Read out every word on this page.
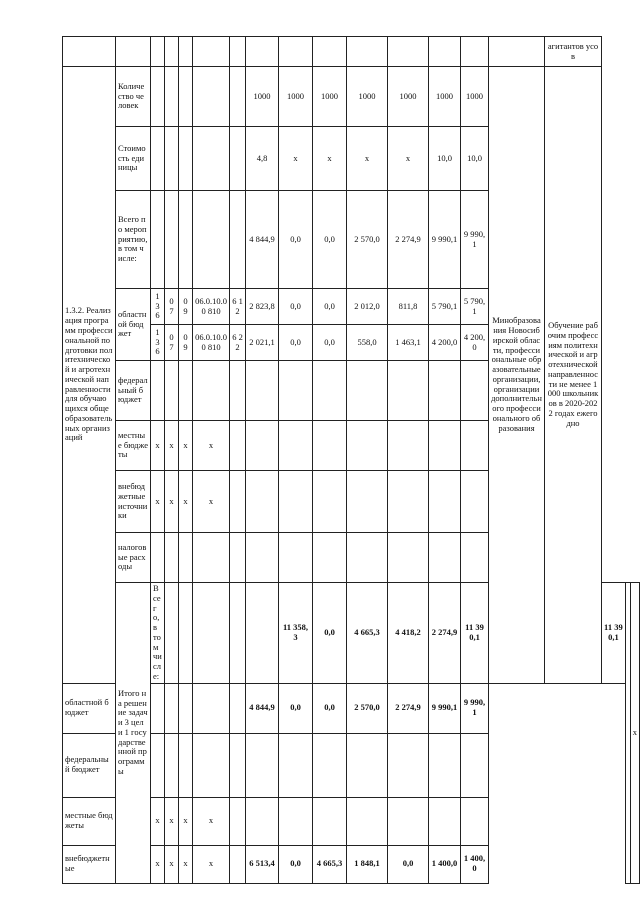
															агитантов усов			
1.3.2. Реализация программ профессиональной подготовки политехнической и агротехнической направленности для обучающихся общеобразовательных организаций	Количество человек						1000	1000	1000	1000	1000	1000	1000	Минобразования Новосибирской области, профессиональные образовательные организации, организации дополнительного профессионального образования	Обучение рабочим профессиям политехнической и агротехнической направленности не менее 1000 школьников в 2020-2022 годах ежегодно			
	Стоимость единицы						4,8	x	x	x	x	10,0	10,0					
	Всего по мероприятию, в том числе:						4 844,9	0,0	0,0	2 570,0	2 274,9	9 990,1	9 990,1					
	областной бюджет	1 3 6	0 7	0 9	06.0.10.00 810	6 1 2	2 823,8	0,0	0,0	2 012,0	811,8	5 790,1	5 790,1					
		1 3 6	0 7	0 9	06.0.10.00 810	6 2 2	2 021,1	0,0	0,0	558,0	1 463,1	4 200,0	4 200,0					
	федеральный бюджет																	
	местные бюджеты	x	x	x	x													
	внебюджетные источники	x	x	x	x													
	налоговые расходы																	
	Итого на решение задачи 3 цели 1 государственной программы	Всего, в том числе:						11 358,3	0,0	4 665,3	4 418,2	2 274,9	11 390,1			11 390,1		x
областной бюджет							4 844,9	0,0	0,0	2 570,0	2 274,9	9 990,1	9 990,1					
федеральный бюджет																		
местные бюджеты		x	x	x	x													
внебюджетные		x	x	x	x		6 513,4	0,0	4 665,3	1 848,1	0,0	1 400,0	1 400,0					
